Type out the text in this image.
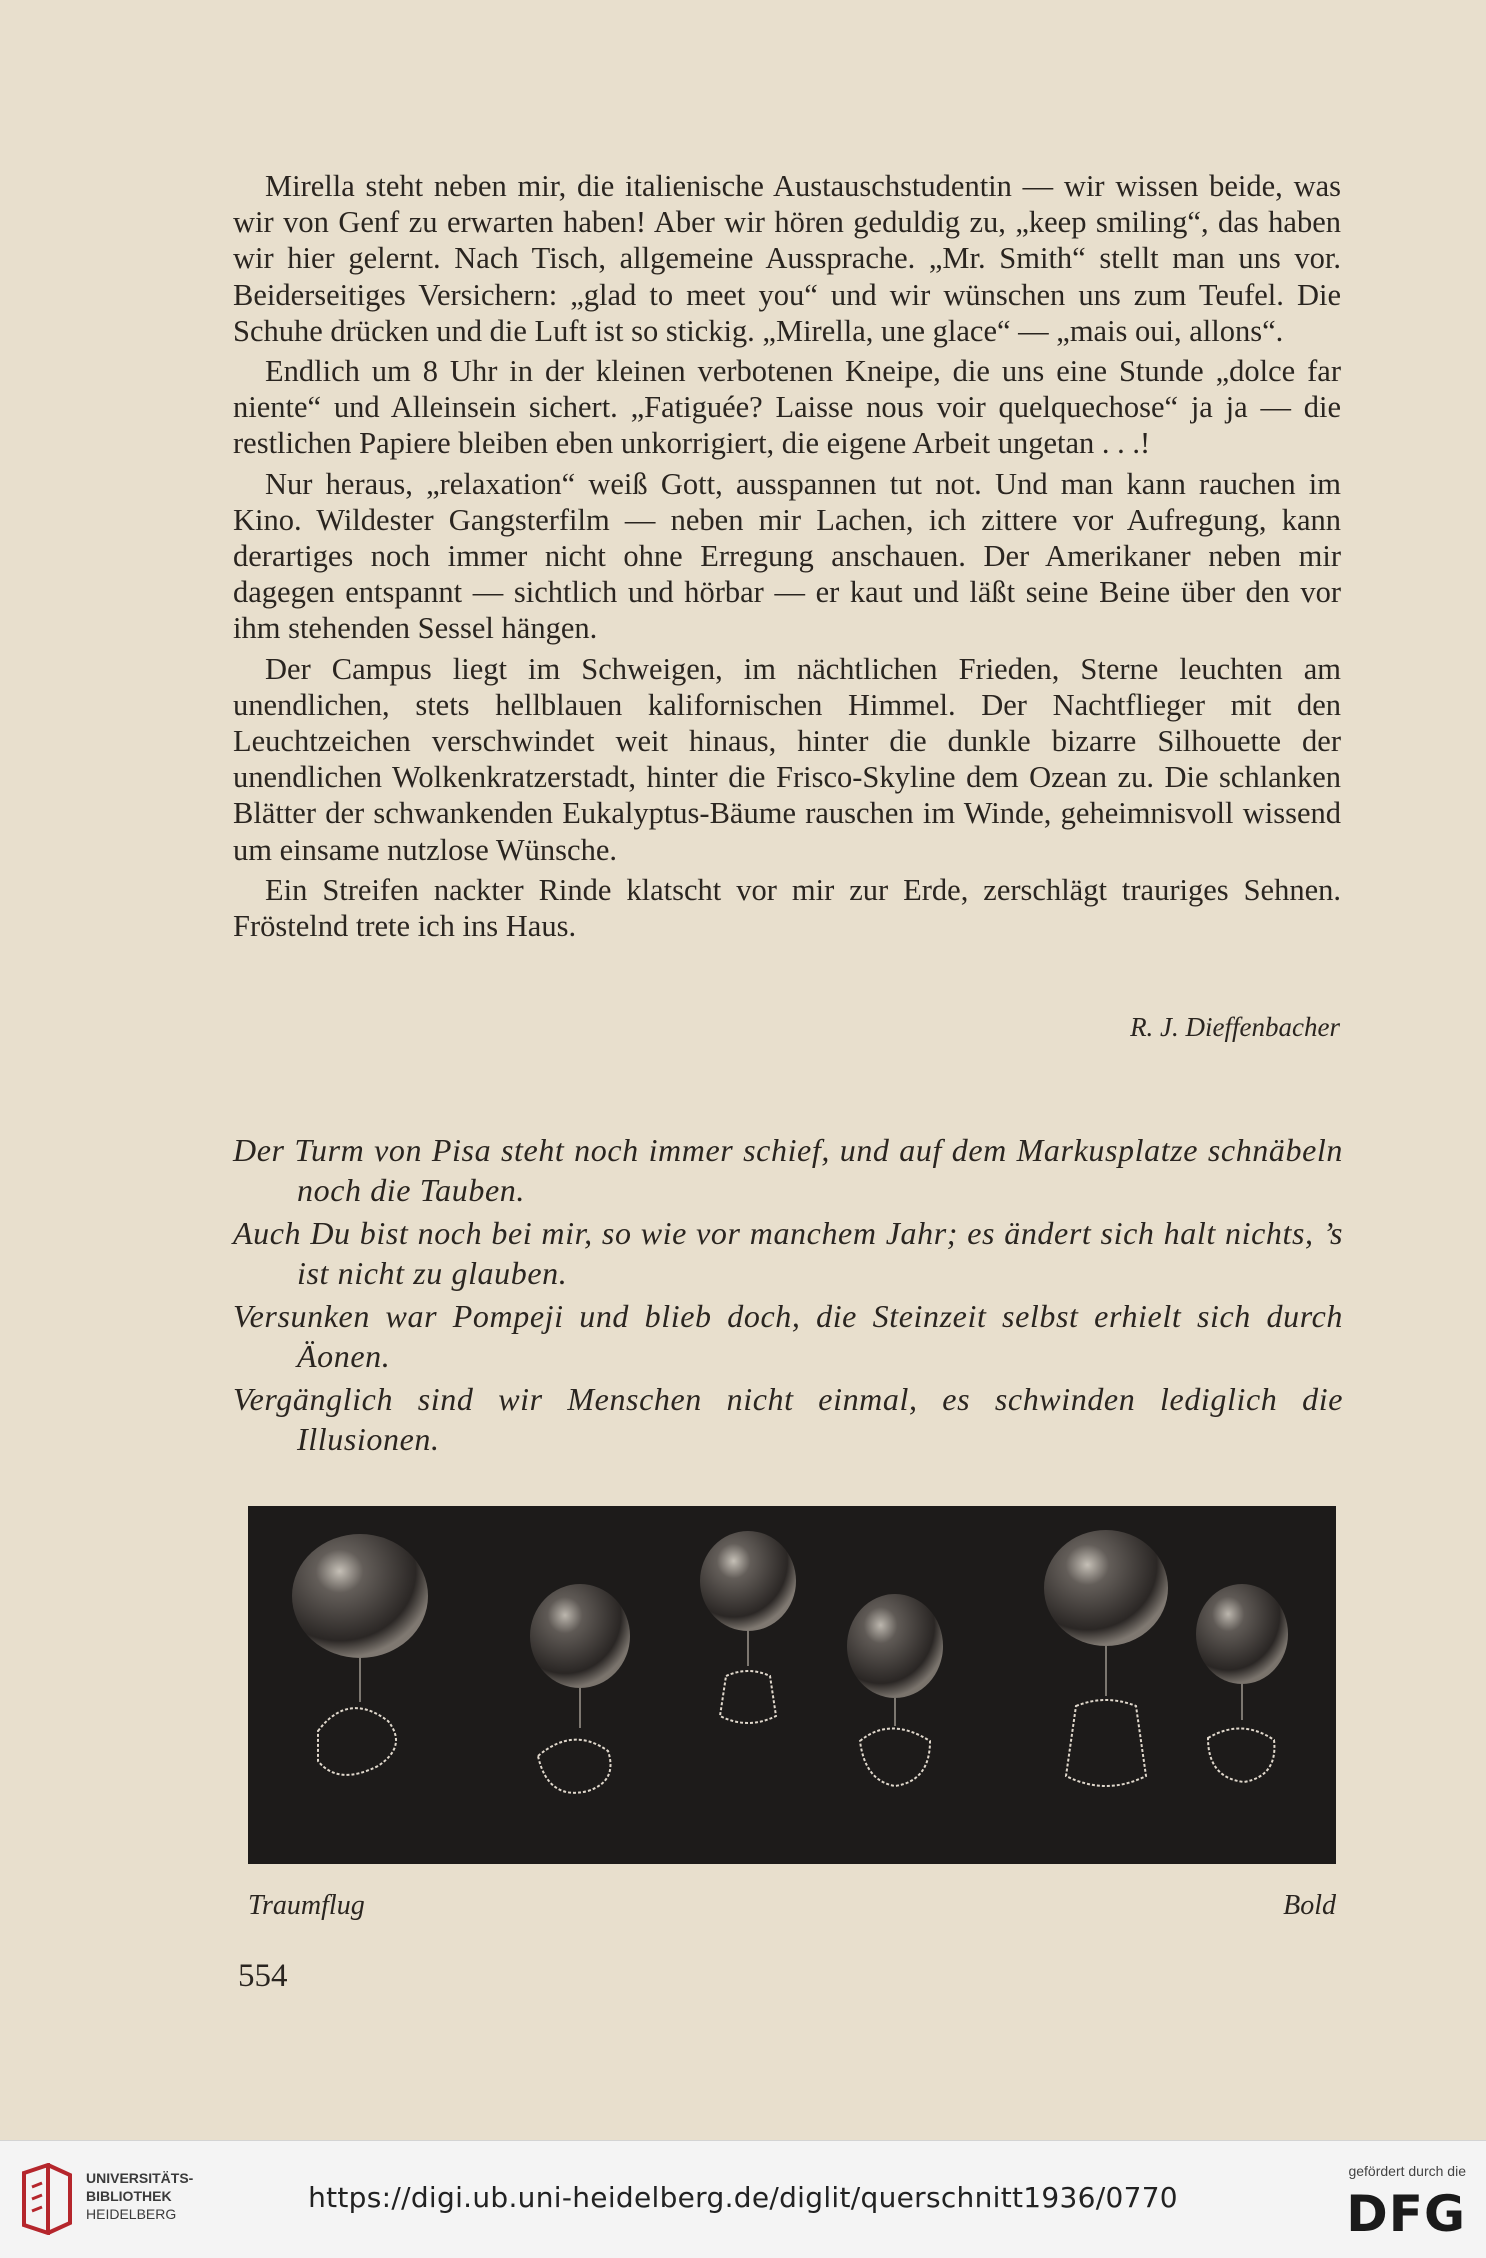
Mirella steht neben mir, die italienische Austauschstudentin — wir wissen beide, was wir von Genf zu erwarten haben! Aber wir hören geduldig zu, „keep smiling“, das haben wir hier gelernt. Nach Tisch, allgemeine Aussprache. „Mr. Smith“ stellt man uns vor. Beiderseitiges Versichern: „glad to meet you“ und wir wünschen uns zum Teufel. Die Schuhe drücken und die Luft ist so stickig. „Mirella, une glace“ — „mais oui, allons“.

Endlich um 8 Uhr in der kleinen verbotenen Kneipe, die uns eine Stunde „dolce far niente“ und Alleinsein sichert. „Fatiguée? Laisse nous voir quelquechose“ ja ja — die restlichen Papiere bleiben eben unkorrigiert, die eigene Arbeit ungetan . . .!

Nur heraus, „relaxation“ weiß Gott, ausspannen tut not. Und man kann rauchen im Kino. Wildester Gangsterfilm — neben mir Lachen, ich zittere vor Aufregung, kann derartiges noch immer nicht ohne Erregung anschauen. Der Amerikaner neben mir dagegen entspannt — sichtlich und hörbar — er kaut und läßt seine Beine über den vor ihm stehenden Sessel hängen.

Der Campus liegt im Schweigen, im nächtlichen Frieden, Sterne leuchten am unendlichen, stets hellblauen kalifornischen Himmel. Der Nachtflieger mit den Leuchtzeichen verschwindet weit hinaus, hinter die dunkle bizarre Silhouette der unendlichen Wolkenkratzerstadt, hinter die Frisco-Skyline dem Ozean zu. Die schlanken Blätter der schwankenden Eukalyptus-Bäume rauschen im Winde, geheimnisvoll wissend um einsame nutzlose Wünsche.

Ein Streifen nackter Rinde klatscht vor mir zur Erde, zerschlägt trauriges Sehnen. Fröstelnd trete ich ins Haus.

R. J. Dieffenbacher
Der Turm von Pisa steht noch immer schief, und auf dem Markusplatze schnäbeln noch die Tauben.
Auch Du bist noch bei mir, so wie vor manchem Jahr; es ändert sich halt nichts, ’s ist nicht zu glauben.
Versunken war Pompeji und blieb doch, die Steinzeit selbst erhielt sich durch Äonen.
Vergänglich sind wir Menschen nicht einmal, es schwinden lediglich die Illusionen.
Traumflug	Bold
554
UNIVERSITÄTS-
BIBLIOTHEK
HEIDELBERG	https://digi.ub.uni-heidelberg.de/diglit/querschnitt1936/0770
gefördert durch die
DFG
